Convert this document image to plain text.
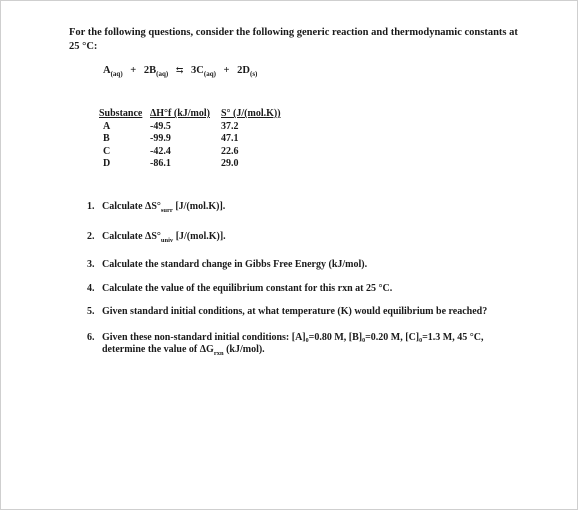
For the following questions, consider the following generic reaction and thermodynamic constants at 25 °C:
$A_{(aq)} + 2B_{(aq)}$ ⇆ $3C_{(aq)} + 2D_{(s)}$
Substance	ΔH°f (kJ/mol)	S° (J/(mol.K))
A	-49.5	37.2
B	-99.9	47.1
C	-42.4	22.6
D	-86.1	29.0
1. Calculate $\Delta S^\circ_{surr}$ [J/(mol.K)].
2. Calculate $\Delta S^\circ_{univ}$ [J/(mol.K)].
3. Calculate the standard change in Gibbs Free Energy (kJ/mol).
4. Calculate the value of the equilibrium constant for this rxn at 25 °C.
5. Given standard initial conditions, at what temperature (K) would equilibrium be reached?
6. Given these non-standard initial conditions: [A]₀=0.80 M, [B]₀=0.20 M, [C]₀=1.3 M, 45 °C, determine the value of $\Delta G_{rxn}$ (kJ/mol).
